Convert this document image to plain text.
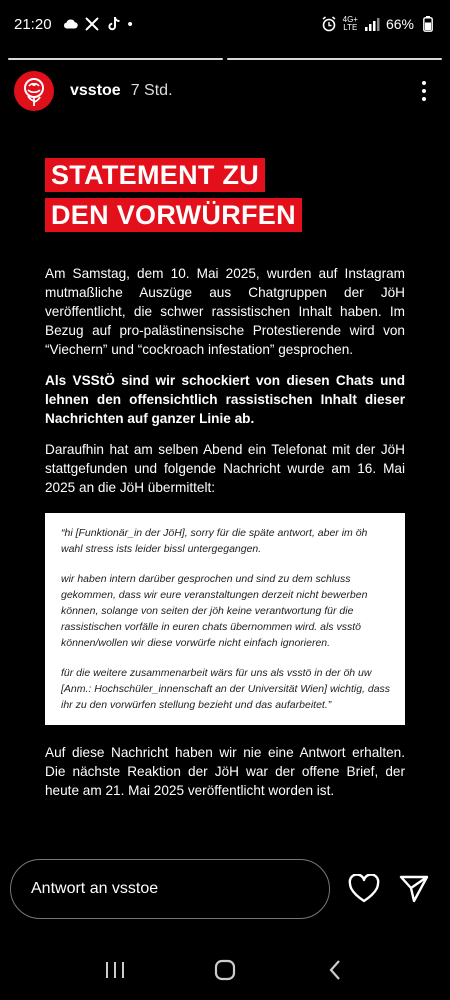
21:20	•	4G+
LTE 66%
vsstoe 7 Std.
STATEMENT ZU
DEN VORWÜRFEN

Am Samstag, dem 10. Mai 2025, wurden auf Instagram mutmaßliche Auszüge aus Chatgruppen der JöH veröffentlicht, die schwer rassistischen Inhalt haben. Im Bezug auf pro-palästinensische Protestierende wird von “Viechern” und “cockroach infestation” gesprochen.

Als VSStÖ sind wir schockiert von diesen Chats und lehnen den offensichtlich rassistischen Inhalt dieser Nachrichten auf ganzer Linie ab.

Daraufhin hat am selben Abend ein Telefonat mit der JöH stattgefunden und folgende Nachricht wurde am 16. Mai 2025 an die JöH übermittelt:

“hi [Funktionär_in der JöH], sorry für die späte antwort, aber im öh wahl stress ists leider bissl untergegangen.

wir haben intern darüber gesprochen und sind zu dem schluss gekommen, dass wir eure veranstaltungen derzeit nicht bewerben können, solange von seiten der jöh keine verantwortung für die rassistischen vorfälle in euren chats übernommen wird. als vsstö können/wollen wir diese vorwürfe nicht einfach ignorieren.

für die weitere zusammenarbeit wärs für uns als vsstö in der öh uw [Anm.: Hochschüler_innenschaft an der Universität Wien] wichtig, dass ihr zu den vorwürfen stellung bezieht und das aufarbeitet.”

Auf diese Nachricht haben wir nie eine Antwort erhalten. Die nächste Reaktion der JöH war der offene Brief, der heute am 21. Mai 2025 veröffentlicht worden ist.

Antwort an vsstoe
